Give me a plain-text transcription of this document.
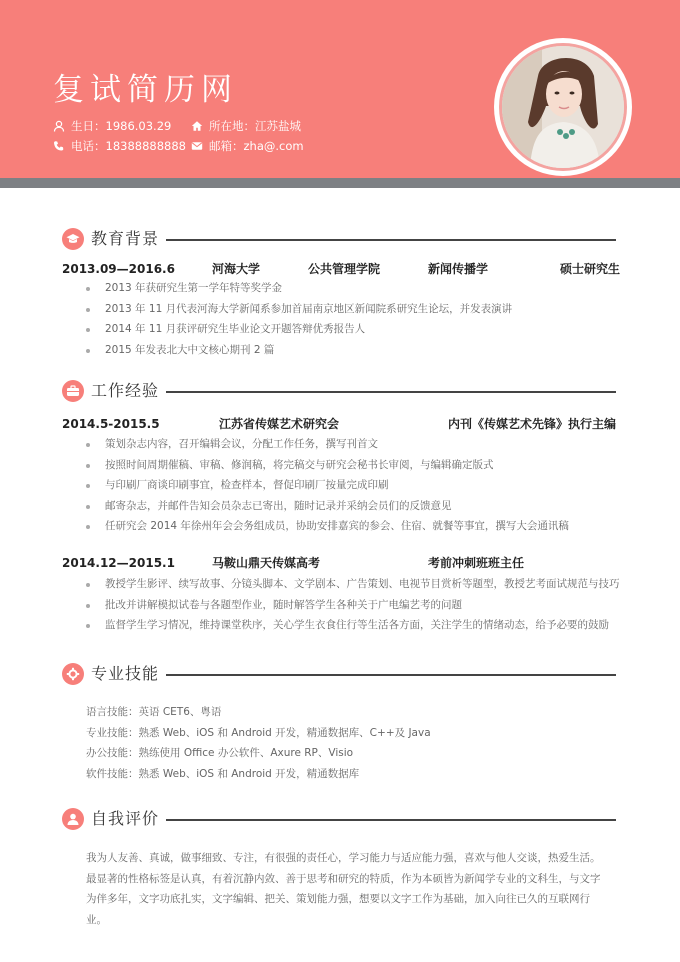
复试简历网
生日：1986.03.29	所在地：江苏盐城
电话：18388888888	邮箱：zha@.com
教育背景
2013.09—2016.6	河海大学	公共管理学院	新闻传播学	硕士研究生
2013 年获研究生第一学年特等奖学金
2013 年 11 月代表河海大学新闻系参加首届南京地区新闻院系研究生论坛，并发表演讲
2014 年 11 月获评研究生毕业论文开题答辩优秀报告人
2015 年发表北大中文核心期刊 2 篇
工作经验
2014.5-2015.5	江苏省传媒艺术研究会	内刊《传媒艺术先锋》执行主编
策划杂志内容，召开编辑会议，分配工作任务，撰写刊首文
按照时间周期催稿、审稿、修润稿，将完稿交与研究会秘书长审阅，与编辑确定版式
与印刷厂商谈印刷事宜，检查样本，督促印刷厂按量完成印刷
邮寄杂志，并邮件告知会员杂志已寄出，随时记录并采纳会员们的反馈意见
任研究会 2014 年徐州年会会务组成员，协助安排嘉宾的参会、住宿、就餐等事宜，撰写大会通讯稿
2014.12—2015.1	马鞍山鼎天传媒高考	考前冲刺班班主任
教授学生影评、续写故事、分镜头脚本、文学剧本、广告策划、电视节目赏析等题型，教授艺考面试规范与技巧
批改并讲解模拟试卷与各题型作业，随时解答学生各种关于广电编艺考的问题
监督学生学习情况，维持课堂秩序，关心学生衣食住行等生活各方面，关注学生的情绪动态，给予必要的鼓励
专业技能
语言技能：英语 CET6、粤语
专业技能：熟悉 Web、iOS 和 Android 开发，精通数据库、C++及 Java
办公技能：熟练使用 Office 办公软件、Axure RP、Visio
软件技能：熟悉 Web、iOS 和 Android 开发，精通数据库
自我评价
我为人友善、真诚，做事细致、专注，有很强的责任心，学习能力与适应能力强，喜欢与他人交谈，热爱生活。最显著的性格标签是认真，有着沉静内敛、善于思考和研究的特质，作为本硕皆为新闻学专业的文科生，与文字为伴多年，文字功底扎实，文字编辑、把关、策划能力强，想要以文字工作为基础，加入向往已久的互联网行业。
